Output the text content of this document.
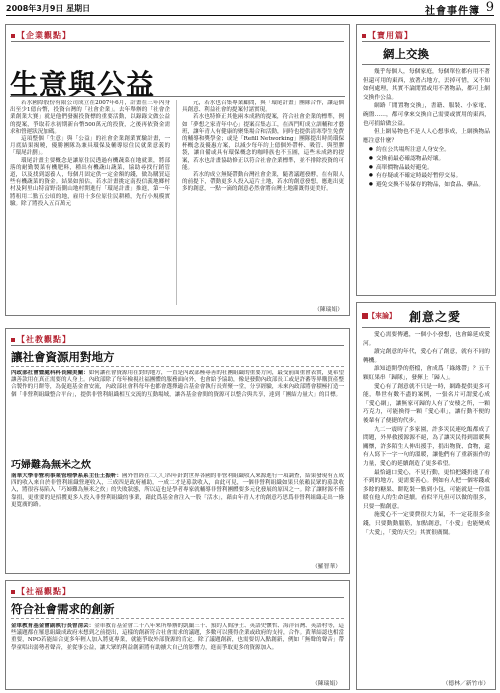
2008年3月9日 星期日	社會事件簿 9
【企業觀點】
生意與公益

若水國際股份有限公司成立在2007年6月，計畫在三年內身出至少1億台幣，投資台灣的「社會企業」。去年舉辦的「社會企業創業大賽」就是他們發掘投資標的重要活動，以錄錄文做公益的提案，爭取若水初期新台幣500萬元的投資，之後再依資金需求和營運狀況加碼。

這項整個「生意」與「公益」的社會企業創業實驗計畫，一月底結果揭曉，優勝團隊為兼具環保及輔導原住民就業意義的「環尾計劃」。

環尾計畫主要概念是讓原住民透過有機蔬菜在地就業，將部落的耐勤製菜有機肥料，種出有機蔬山蔬菜，協助尋找行銷管道，以及找到認養人，每個月固定供一定金額的錢，做為購買這些有機蔬菜的資金。結果如預估，若水計畫挑定南投信義地鄉村村及阿里山特富野南側山地村開進行「環尾計畫」推進，第一年將租用二點五公頃的地，雇用十多位原住民耕種，先行小規模實驗。除了將投入五百萬元

元，若水也召集專業顧問，與「環尾計畫」團隊合作，讓這個具創意、利益社會的提案付諸實現。

若水也特修正其他兩本成熟的提案，符合社會企業的標準，例如「夢想之家青年中心」提案召集志工，在西門町成立訓輔和才藝班，讓年青人有健康的聚集場合和活動，同時也提供清寒學生免費的輔導和獎學金；或是「Refill Networking」團隊提出時尚環保杯概念及優惠方案，以減少每年約上億個外帶杯、吸管、與塑膠袋，讓自備或具有環保概念的咖啡族也不玉圖，這些未成熟的提案，若水也計畫協助修正以符合社會企業標準，並不排除投資的可能。

若水的成立無疑帶動台灣社會企業，隨著議題發酵，在有限人的前提下，帶動更多人投入這片土地，若水的創意發想，應進出更多的創意，一點一滴的創意必然會將台灣土地灌溉得更美好。

（陳瑞娟）
【社教觀點】
讓社會資源用對地方

內政部社會暨處科科長陳美蘭：如何讓社會資源用在對的地方，一直是內政部極尋善的社團組織的重要方向，最受前面重會表實，更希望讓善款用在真正需要的人身上。內政部除了每年檢視社福團體的服務面向外，也會給予協助，像是發動內政部長工或是許蕃等界購買產整合製作的月餅等，為促進基金會安流，內政部社會科每年也都會選擇適合基金會執行長齊聚一堂，分享經驗，未來內政部將會積極打造一個「非營利組織整合平台」，提供非營利組織相互交流的互動場域，讓各基金會間的資源可以整合與共享，達到「團結力量大」的目標。

巧婦難為無米之炊

南華大學非營利事業管理學系系主任王振軒：國外曾經在二〇〇四年針對世界各國的非營利組織收入來源進行一項調查，結果發現有五成四的收入來自於非營利組織營運收入，三成四是政府補助，一成二才是募款收入，由此可見，一個非營利組織如果只依賴民眾的募款收入，將很容易陷入「巧婦難為無米之炊」的失敗狀態，所以這也是學者專家就輔導非營利團體要多元化發展的原因之一。除了讓財源不僅靠捐，更重要的是招攬更多人投入非營利組織的事業，藉此爲基金會注入一股「活水」，藉由年青人才的創意巧思爲非營利組織走出一條更寬廣的路。

（羅智華）
【社福觀點】
符合社會需求的創新

金車教育基金會副執行長曾清芸：金車教育基金會二十八年來所舉辦的凱蘭三十、預約人間淨土、英語史懷哲、海洋台灣、英語村等，這些議題都在罹患組織成政府末想到之前提出，這樣的創新符合社會需求的議題，多數可以獲得企業或政府的支持，合作。黃華結認也相當重要，NPO若能結合更多年輕人加入將更專業，就能爭取外部資源的肯定。除了議題創新，也需要切入點創新，例如「無聲的聲音」帶學童唱出弱勢者聲音，並從事公益，讓大眾的利益創新將有助擴大自己的影響力，進而爭取更多的資源加入。

（陳瑞娟）
【寶用篇】
網上交換

幾乎每個人，每個家庭，每個單位都有用不著但還可用的東西，放著占地方，丟掉可惜，又不知如何處理，其實不論閒置或用不著物品，都可上網交換作公益。

網路「閒置物交換」，書籍、服裝、小家電、碗盤……，都可拿來交換自己需要或實用的東西，也可捐給做公益。

但上網易物也不是人人心想事成，上網換物品應注意什麼？

● 約在公共場所注意人身安全。
● 交換前最必確認物品好壞。
● 高單價物品最好避免。
● 有存疑或不確定時最好暫停交易。
● 避免交換不易保存的物品，如食品、藥品。
【來論】 創意之愛

愛心需要傳遞，一個小小發想，也會綿延成愛河。

讀完創意的年代，愛心有了創意，就有不同的轉機。

誰知道開學的搭檔，會成爲「綠緣帶」？五千顆紅果串「歸隊」，發揮上「歸人」。

愛心有了創意就不只是一時，網路提供更多可能，舉世有數不盡的案例，一張名片可謂愛心成「愛心網」，讓無家可歸的人有了安棲之所，一顆巧克力，可能換得一顆「愛心車」，讓行動不便的後輩有了便捷的代步。

九二一震時了多家園，許多災民連吃飯都成了問題，外界救援源源不絕，為了讓災民得到溫暖與關懷，許多陌生人伸出援手，捐出物資、食物，還有人寫下一字一句的溫暖，讓他們有了重新振作的力量，愛心的延續創造了更多希望。

最恰適口愛心，不見行動，更怕把錢扔進了看不到的地方，更需要善心。例如有人把一個零錢或多餘的糖果、餅乾裝一點到小包，可能就是一份溫暖在他人的生命延續。看似平凡但可以做的很多，只要一點創意。

施愛心不一定要費很大力氣，不一定花很多金錢，只要動動腦筋，加點創意，「小愛」也能變成「大愛」，「愛的天空」其實很廣闊。

（德林／新竹市）
